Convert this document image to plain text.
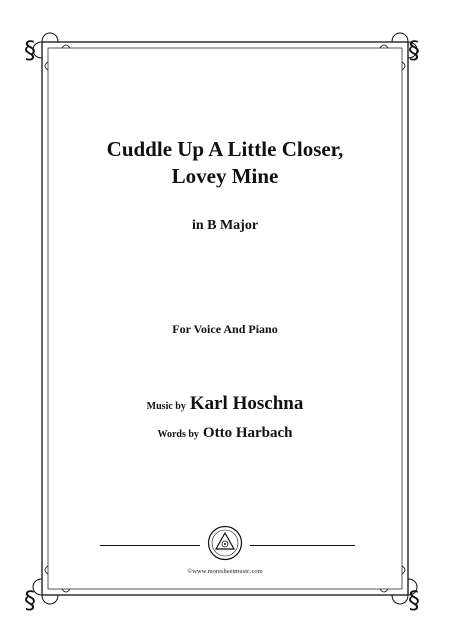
§	§
§	§
Cuddle Up A Little Closer,
Lovey Mine
in B Major
For Voice And Piano
Music by Karl Hoschna
Words by Otto Harbach
©www.moresheetmusic.com
